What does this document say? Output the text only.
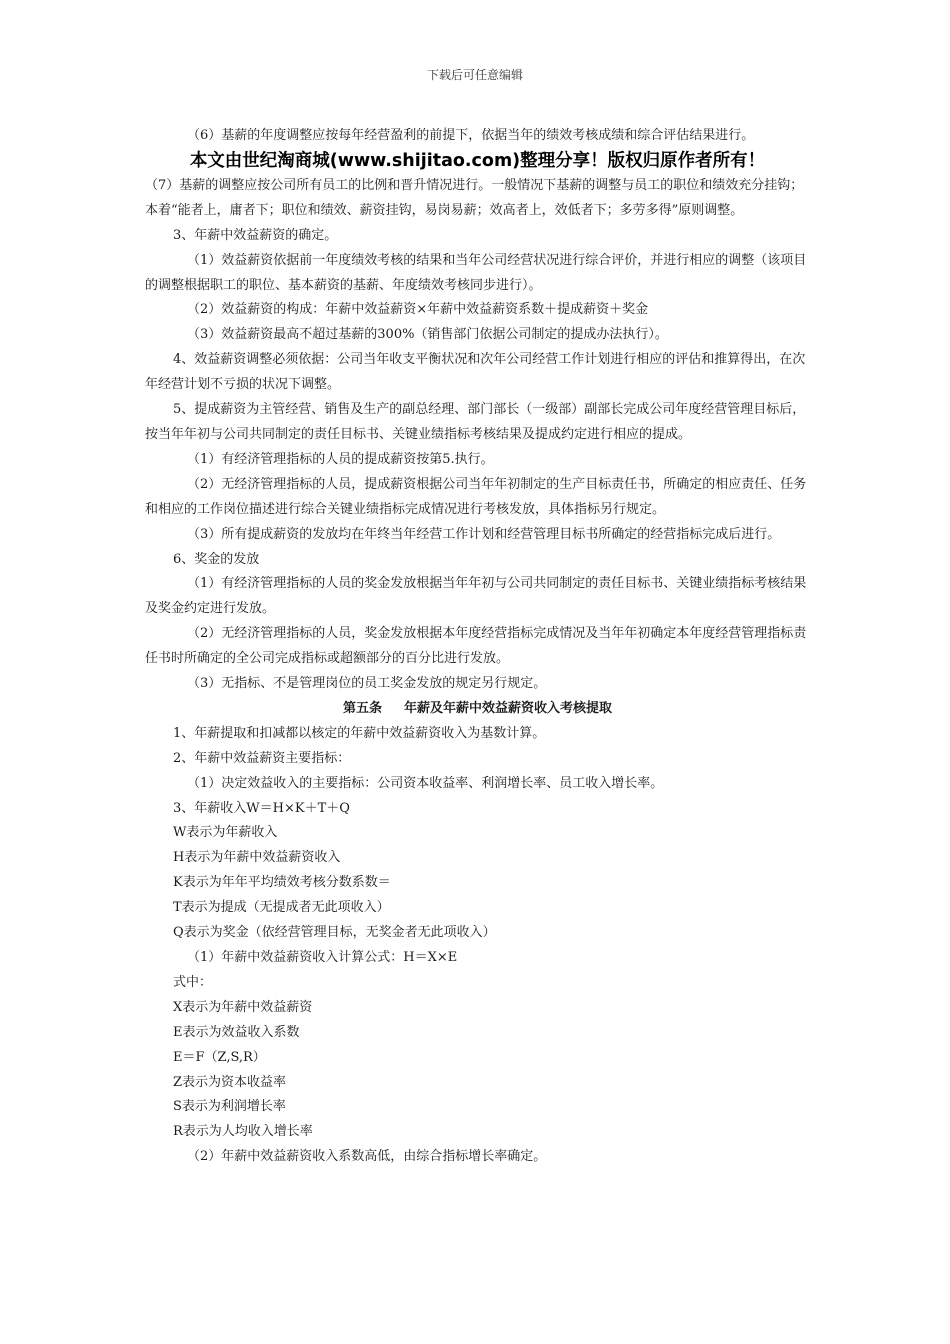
下载后可任意编辑

（6）基薪的年度调整应按每年经营盈利的前提下，依据当年的绩效考核成绩和综合评估结果进行。

本文由世纪淘商城(www.shijitao.com)整理分享！版权归原作者所有！

（7）基薪的调整应按公司所有员工的比例和晋升情况进行。一般情况下基薪的调整与员工的职位和绩效充分挂钩；本着“能者上，庸者下；职位和绩效、薪资挂钩，易岗易薪；效高者上，效低者下；多劳多得”原则调整。

3、年薪中效益薪资的确定。

（1）效益薪资依据前一年度绩效考核的结果和当年公司经营状况进行综合评价，并进行相应的调整（该项目的调整根据职工的职位、基本薪资的基薪、年度绩效考核同步进行）。

（2）效益薪资的构成：年薪中效益薪资×年薪中效益薪资系数＋提成薪资＋奖金

（3）效益薪资最高不超过基薪的300%（销售部门依据公司制定的提成办法执行）。

4、效益薪资调整必须依据：公司当年收支平衡状况和次年公司经营工作计划进行相应的评估和推算得出，在次年经营计划不亏损的状况下调整。

5、提成薪资为主管经营、销售及生产的副总经理、部门部长（一级部）副部长完成公司年度经营管理目标后，按当年年初与公司共同制定的责任目标书、关键业绩指标考核结果及提成约定进行相应的提成。

（1）有经济管理指标的人员的提成薪资按第5.执行。

（2）无经济管理指标的人员，提成薪资根据公司当年年初制定的生产目标责任书，所确定的相应责任、任务和相应的工作岗位描述进行综合关键业绩指标完成情况进行考核发放，具体指标另行规定。

（3）所有提成薪资的发放均在年终当年经营工作计划和经营管理目标书所确定的经营指标完成后进行。

6、奖金的发放

（1）有经济管理指标的人员的奖金发放根据当年年初与公司共同制定的责任目标书、关键业绩指标考核结果及奖金约定进行发放。

（2）无经济管理指标的人员，奖金发放根据本年度经营指标完成情况及当年年初确定本年度经营管理指标责任书时所确定的全公司完成指标或超额部分的百分比进行发放。

（3）无指标、不是管理岗位的员工奖金发放的规定另行规定。

第五条 年薪及年薪中效益薪资收入考核提取

1、年薪提取和扣减都以核定的年薪中效益薪资收入为基数计算。

2、年薪中效益薪资主要指标：

（1）决定效益收入的主要指标：公司资本收益率、利润增长率、员工收入增长率。

3、年薪收入W＝H×K＋T＋Q

W表示为年薪收入

H表示为年薪中效益薪资收入

K表示为年年平均绩效考核分数系数＝

T表示为提成（无提成者无此项收入）

Q表示为奖金（依经营管理目标，无奖金者无此项收入）

（1）年薪中效益薪资收入计算公式：H＝X×E

式中：

X表示为年薪中效益薪资

E表示为效益收入系数

E＝F（Z,S,R）

Z表示为资本收益率

S表示为利润增长率

R表示为人均收入增长率

（2）年薪中效益薪资收入系数高低，由综合指标增长率确定。
